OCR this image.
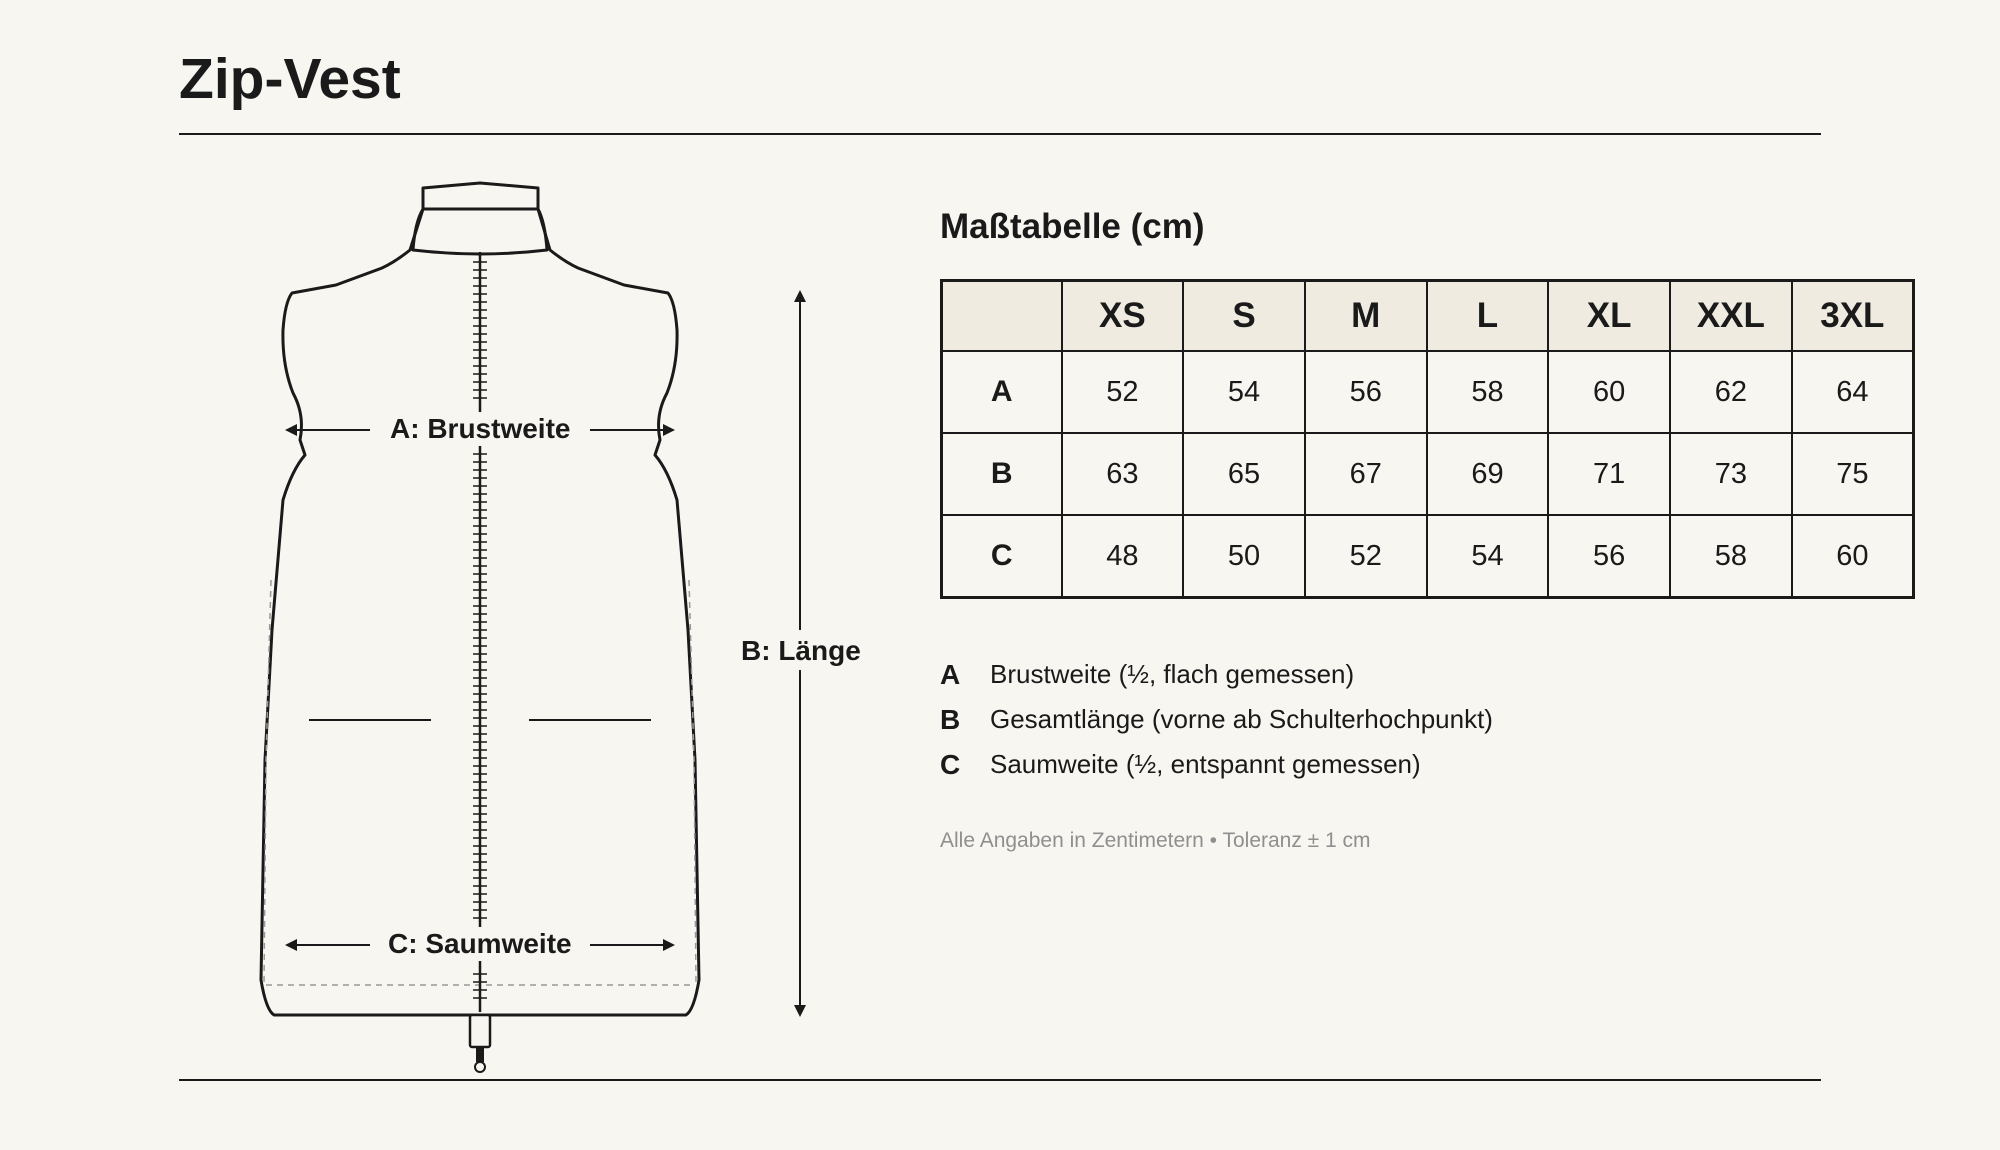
Zip-Vest
A: Brustweite
B: Länge
C: Saumweite
Maßtabelle (cm)
	XS	S	M	L	XL	XXL	3XL
A	52	54	56	58	60	62	64
B	63	65	67	69	71	73	75
C	48	50	52	54	56	58	60
A	Brustweite (½, flach gemessen)
B	Gesamtlänge (vorne ab Schulterhochpunkt)
C	Saumweite (½, entspannt gemessen)

Alle Angaben in Zentimetern • Toleranz ± 1 cm
